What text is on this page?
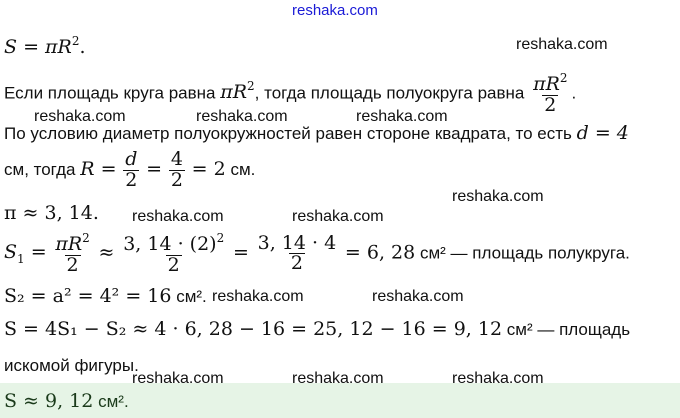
reshaka.com
$S = \pi R^2$.
Если площадь круга равна $\pi R^2$, тогда площадь полуокруга равна $\frac{\pi R^2}{2}$ .
По условию диаметр полуокружностей равен стороне квадрата, то есть d = 4
см, тогда $R = \frac{d}{2} = \frac{4}{2} = 2$ см.
π ≈ 3, 14.
$S_1 = \frac{\pi R^2}{2} \approx \frac{3, 14 \cdot (2)^2}{2} = \frac{3, 14 \cdot 4}{2} = 6$, 28 см² — площадь полукруга.
S₂ = a² = 4² = 16 см².
S = 4S₁ − S₂ ≈ 4 · 6, 28 − 16 = 25, 12 − 16 = 9, 12 см² — площадь
искомой фигуры.
S ≈ 9, 12 см².
reshaka.com
reshaka.com	reshaka.com	reshaka.com
reshaka.com
reshaka.com	reshaka.com
reshaka.com	reshaka.com
reshaka.com	reshaka.com	reshaka.com
